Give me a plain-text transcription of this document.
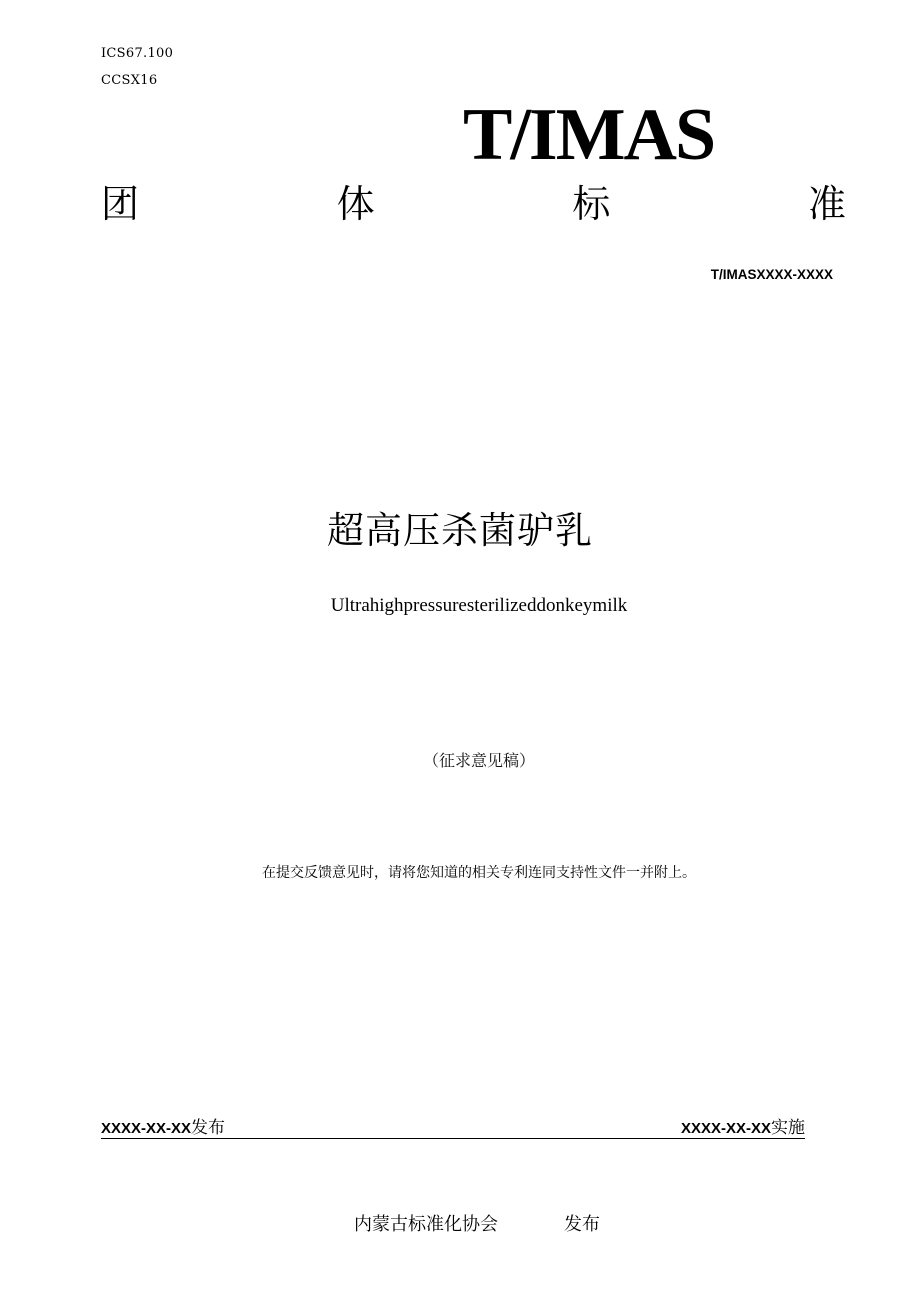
ICS67.100
CCSX16
T/IMAS
团	体	标	准
T/IMASXXXX-XXXX
超高压杀菌驴乳
Ultrahighpressuresterilizeddonkeymilk
（征求意见稿）
在提交反馈意见时，请将您知道的相关专利连同支持性文件一并附上。
XXXX-XX-XX发布	XXXX-XX-XX实施
内蒙古标准化协会	发布
